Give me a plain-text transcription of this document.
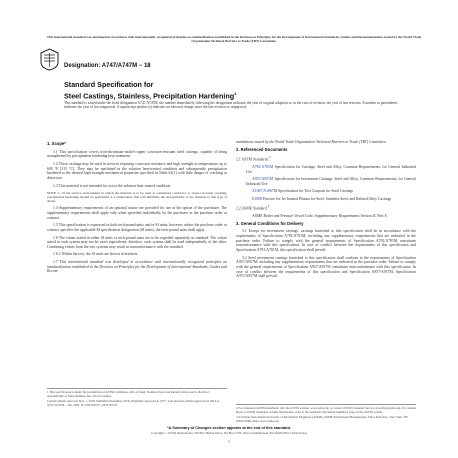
This international standard was developed in accordance with internationally recognized principles on standardization established in the Decision on Principles for the Development of International Standards, Guides and Recommendations issued by the World Trade Organization Technical Barriers to Trade (TBT) Committee.
Designation: A747/A747M − 18
Standard Specification for
Steel Castings, Stainless, Precipitation Hardening$^1$
This standard is issued under the fixed designation A747/A747M; the number immediately following the designation indicates the year of original adoption or, in the case of revision, the year of last revision. A number in parentheses indicates the year of last reapproval. A superscript epsilon (ε) indicates an editorial change since the last revision or reapproval.
1. Scope*

1.1 This specification covers iron-chromium-nickel-copper corrosion-resistant steel castings, capable of being strengthened by precipitation hardening heat treatment.

1.2 These castings may be used in services requiring corrosion resistance and high strength at temperatures up to 600 °F [315 °C]. They may be machined in the solution heat-treated condition and subsequently precipitation hardened to the desired high-strength mechanical properties specified in Table S2(1) with little danger of cracking or distortion.

1.3 This material is not intended for use in the solution heat-treated condition.

NOTE 1—If the service environment in which the material is to be used is considered conducive to stress-corrosion cracking, precipitation hardening should be performed at a temperature that will minimize the susceptibility of the material to this type of attack.

1.4 Supplementary requirements of an optional nature are provided for use at the option of the purchaser. The supplementary requirements shall apply only when specified individually by the purchaser in the purchase order or contract.

1.5 This specification is expressed in both inch-pound units and in SI units; however, unless the purchase order or contract specifies the applicable M specification designation (SI units), the inch-pound units shall apply.

1.6 The values stated in either SI units or inch-pound units are to be regarded separately as standard. The values stated in each system may not be exact equivalents; therefore, each system shall be used independently of the other. Combining values from the two systems may result in nonconformance with the standard.

1.6.1 Within the text, the SI units are shown in brackets.

1.7 This international standard was developed in accordance with internationally recognized principles on standardization established in the Decision on Principles for the Development of International Standards, Guides and Recom-

mendations issued by the World Trade Organization Technical Barriers to Trade (TBT) Committee.

2. Referenced Documents

2.1 ASTM Standards:$^2$

A781/A781M Specification for Castings, Steel and Alloy, Common Requirements, for General Industrial Use

A957/A957M Specification for Investment Castings, Steel and Alloy, Common Requirements, for General Industrial Use

A1067/A1067M Specification for Test Coupons for Steel Castings

E1008 Practice for Jet Ionized Plasma for Steel, Stainless Steel, and Related Alloy Castings

2.2 ASME Standard:$^3$

ASME Boiler and Pressure Vessel Code, Supplementary Requirements Section II, Part A

3. General Conditions for Delivery

3.1 Except for investment castings, castings furnished to this specification shall be in accordance with the requirements of Specification A781/A781M, including any supplementary requirements that are indicated in the purchase order. Failure to comply with the general requirements of Specification A781/A781M constitutes nonconformance with this specification. In case of conflict between the requirements of this specification and Specification A781/A781M, this specification shall prevail.

3.2 Steel investment castings furnished to this specification shall conform to the requirements of Specification A957/A957M, including any supplementary requirements that are indicated in the purchase order. Failure to comply with the general requirements of Specification A957/A957M constitutes nonconformance with this specification. In case of conflict between the requirements of this specification and Specification A957/A957M, Specification A957/A957M shall prevail.

1 This specification is under the jurisdiction of ASTM Committee A01 on Steel, Stainless Steel and Related Alloys and is the direct responsibility of Subcommittee A01.18 on Castings.

Current edition approved Nov. 1, 2018. Published November 2018. Originally approved in 1977. Last previous edition approved in 2016 as A747/A747M – 16a. DOI: 10.1520/A0747_A0747M-18.

2 For referenced ASTM standards, visit the ASTM website, www.astm.org, or contact ASTM Customer Service at service@astm.org. For Annual Book of ASTM Standards volume information, refer to the standard's Document Summary page on the ASTM website.

3 Available from American Society of Mechanical Engineers (ASME), ASME International Headquarters, Three Park Ave., New York, NY 10016-5990, http://www.asme.org.

*A Summary of Changes section appears at the end of this standard.
Copyright © ASTM International, 100 Barr Harbor Drive, PO Box C700, West Conshohocken, PA 19428-2959. United States
1
